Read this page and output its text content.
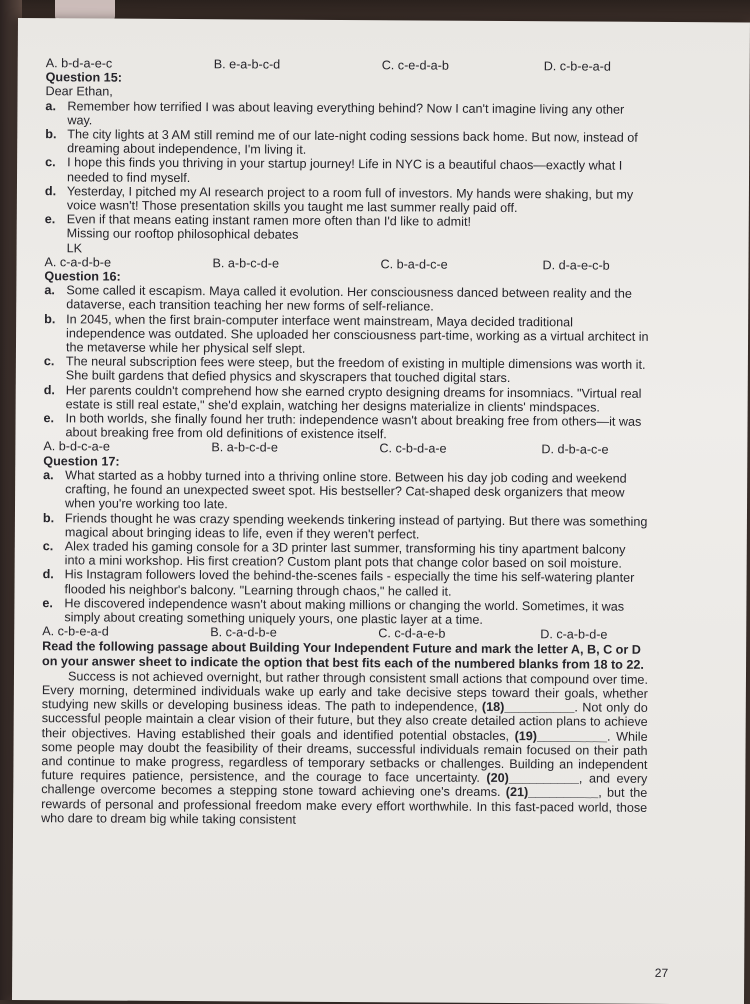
A. b-d-a-e-c	B. e-a-b-c-d	C. c-e-d-a-b	D. c-b-e-a-d
Question 15:
Dear Ethan,
a. Remember how terrified I was about leaving everything behind? Now I can't imagine living any other way.
b. The city lights at 3 AM still remind me of our late-night coding sessions back home. But now, instead of dreaming about independence, I'm living it.
c. I hope this finds you thriving in your startup journey! Life in NYC is a beautiful chaos—exactly what I needed to find myself.
d. Yesterday, I pitched my AI research project to a room full of investors. My hands were shaking, but my voice wasn't! Those presentation skills you taught me last summer really paid off.
e. Even if that means eating instant ramen more often than I'd like to admit!
Missing our rooftop philosophical debates
LK
A. c-a-d-b-e	B. a-b-c-d-e	C. b-a-d-c-e	D. d-a-e-c-b
Question 16:
a. Some called it escapism. Maya called it evolution. Her consciousness danced between reality and the dataverse, each transition teaching her new forms of self-reliance.
b. In 2045, when the first brain-computer interface went mainstream, Maya decided traditional independence was outdated. She uploaded her consciousness part-time, working as a virtual architect in the metaverse while her physical self slept.
c. The neural subscription fees were steep, but the freedom of existing in multiple dimensions was worth it. She built gardens that defied physics and skyscrapers that touched digital stars.
d. Her parents couldn't comprehend how she earned crypto designing dreams for insomniacs. "Virtual real estate is still real estate," she'd explain, watching her designs materialize in clients' mindspaces.
e. In both worlds, she finally found her truth: independence wasn't about breaking free from others—it was about breaking free from old definitions of existence itself.
A. b-d-c-a-e	B. a-b-c-d-e	C. c-b-d-a-e	D. d-b-a-c-e
Question 17:
a. What started as a hobby turned into a thriving online store. Between his day job coding and weekend crafting, he found an unexpected sweet spot. His bestseller? Cat-shaped desk organizers that meow when you're working too late.
b. Friends thought he was crazy spending weekends tinkering instead of partying. But there was something magical about bringing ideas to life, even if they weren't perfect.
c. Alex traded his gaming console for a 3D printer last summer, transforming his tiny apartment balcony into a mini workshop. His first creation? Custom plant pots that change color based on soil moisture.
d. His Instagram followers loved the behind-the-scenes fails - especially the time his self-watering planter flooded his neighbor's balcony. "Learning through chaos," he called it.
e. He discovered independence wasn't about making millions or changing the world. Sometimes, it was simply about creating something uniquely yours, one plastic layer at a time.
A. c-b-e-a-d	B. c-a-d-b-e	C. c-d-a-e-b	D. c-a-b-d-e
Read the following passage about Building Your Independent Future and mark the letter A, B, C or D on your answer sheet to indicate the option that best fits each of the numbered blanks from 18 to 22.
Success is not achieved overnight, but rather through consistent small actions that compound over time. Every morning, determined individuals wake up early and take decisive steps toward their goals, whether studying new skills or developing business ideas. The path to independence, (18)__________. Not only do successful people maintain a clear vision of their future, but they also create detailed action plans to achieve their objectives. Having established their goals and identified potential obstacles, (19)__________. While some people may doubt the feasibility of their dreams, successful individuals remain focused on their path and continue to make progress, regardless of temporary setbacks or challenges. Building an independent future requires patience, persistence, and the courage to face uncertainty. (20)__________, and every challenge overcome becomes a stepping stone toward achieving one's dreams. (21)__________, but the rewards of personal and professional freedom make every effort worthwhile. In this fast-paced world, those who dare to dream big while taking consistent
27
